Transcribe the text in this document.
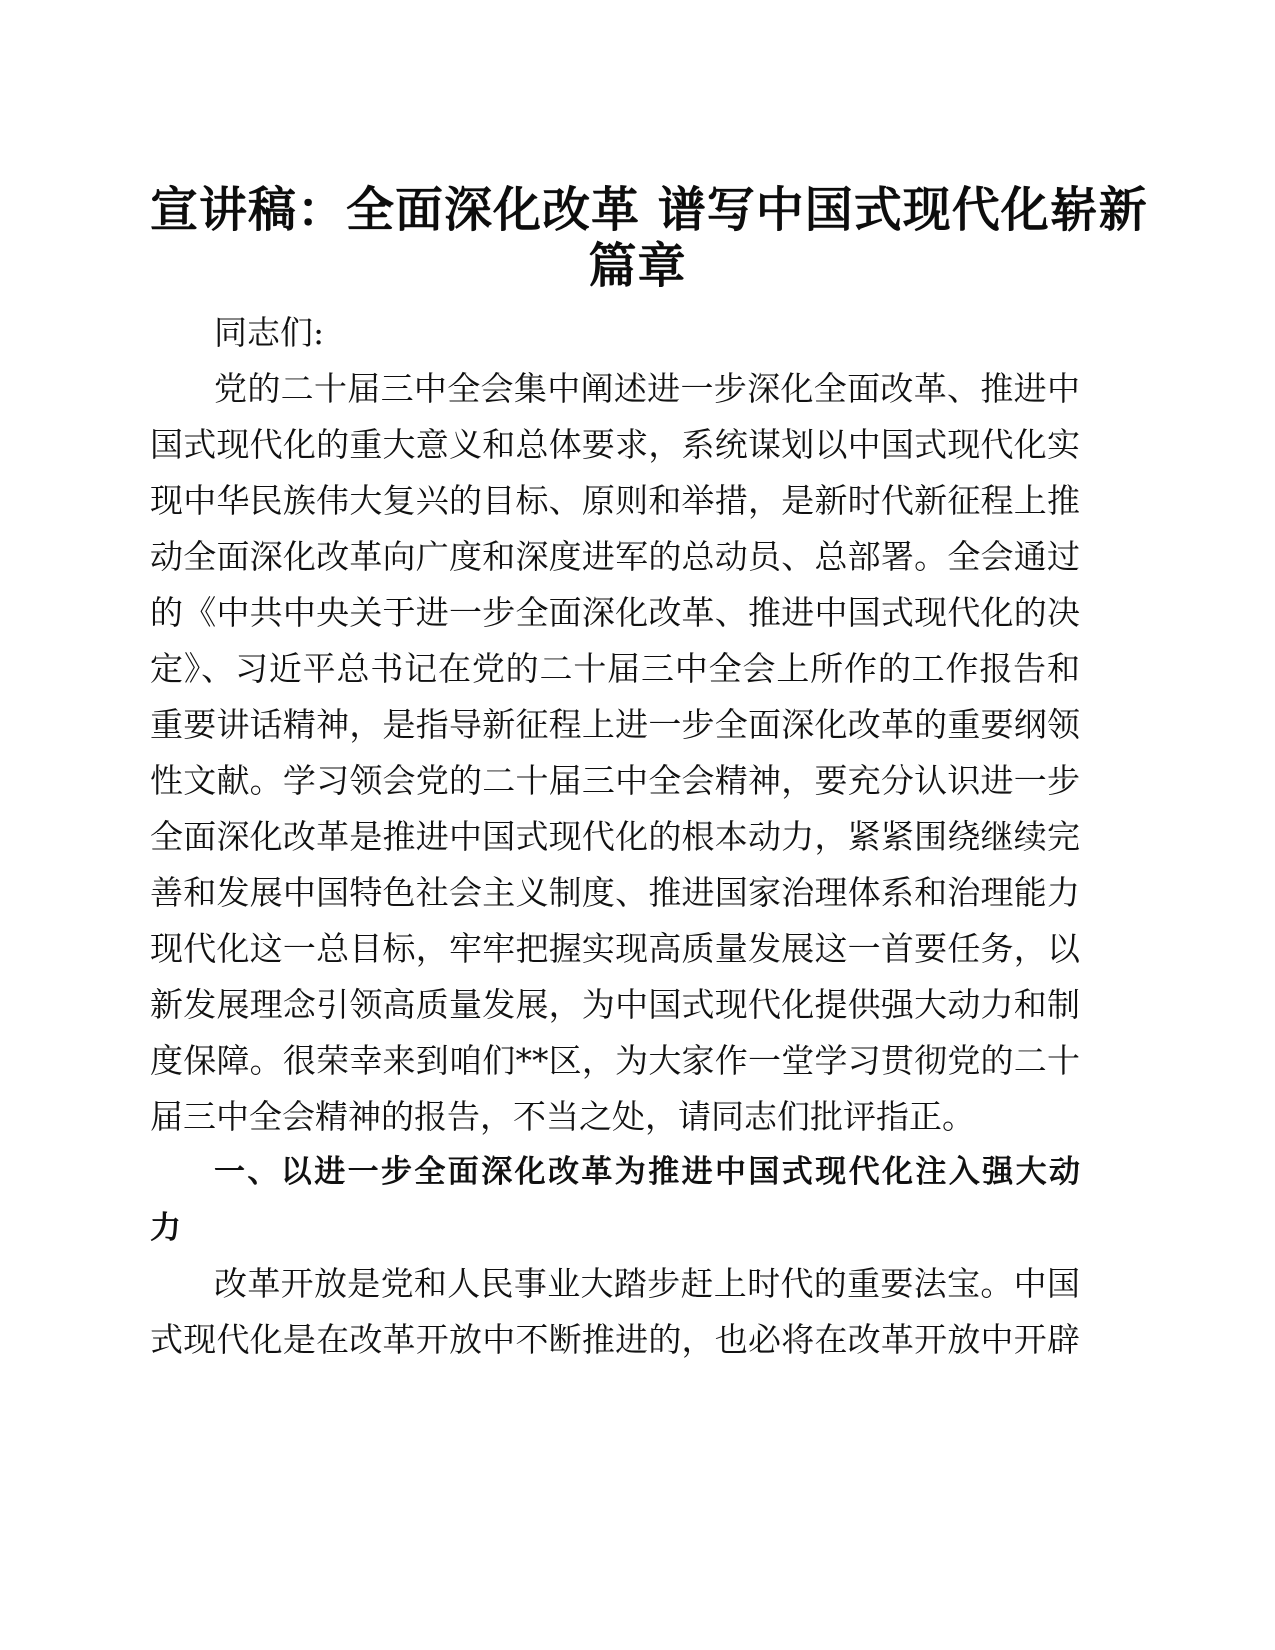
宣讲稿：全面深化改革 谱写中国式现代化崭新
篇章
同志们:
党的二十届三中全会集中阐述进一步深化全面改革、推进中
国式现代化的重大意义和总体要求，系统谋划以中国式现代化实
现中华民族伟大复兴的目标、原则和举措，是新时代新征程上推
动全面深化改革向广度和深度进军的总动员、总部署。全会通过
的《中共中央关于进一步全面深化改革、推进中国式现代化的决
定》、习近平总书记在党的二十届三中全会上所作的工作报告和
重要讲话精神，是指导新征程上进一步全面深化改革的重要纲领
性文献。学习领会党的二十届三中全会精神，要充分认识进一步
全面深化改革是推进中国式现代化的根本动力，紧紧围绕继续完
善和发展中国特色社会主义制度、推进国家治理体系和治理能力
现代化这一总目标，牢牢把握实现高质量发展这一首要任务，以
新发展理念引领高质量发展，为中国式现代化提供强大动力和制
度保障。很荣幸来到咱们**区，为大家作一堂学习贯彻党的二十
届三中全会精神的报告，不当之处，请同志们批评指正。
一、以进一步全面深化改革为推进中国式现代化注入强大动
力
改革开放是党和人民事业大踏步赶上时代的重要法宝。中国
式现代化是在改革开放中不断推进的，也必将在改革开放中开辟
